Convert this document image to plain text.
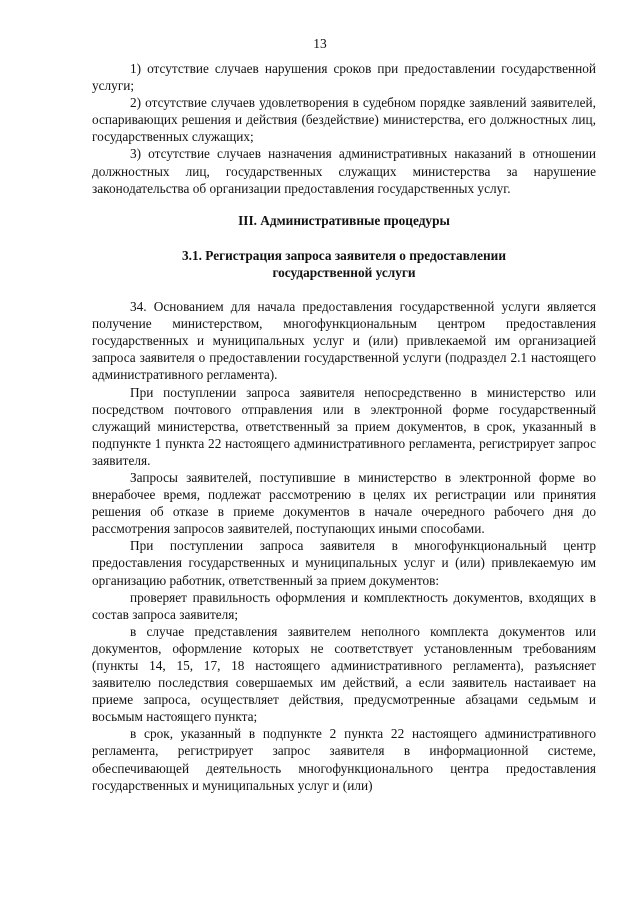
13

1) отсутствие случаев нарушения сроков при предоставлении государственной услуги;

2) отсутствие случаев удовлетворения в судебном порядке заявлений заявителей, оспаривающих решения и действия (бездействие) министерства, его должностных лиц, государственных служащих;

3) отсутствие случаев назначения административных наказаний в отношении должностных лиц, государственных служащих министерства за нарушение законодательства об организации предоставления государственных услуг.

III. Административные процедуры

3.1. Регистрация запроса заявителя о предоставлении государственной услуги

34. Основанием для начала предоставления государственной услуги является получение министерством, многофункциональным центром предоставления государственных и муниципальных услуг и (или) привлекаемой им организацией запроса заявителя о предоставлении государственной услуги (подраздел 2.1 настоящего административного регламента).

При поступлении запроса заявителя непосредственно в министерство или посредством почтового отправления или в электронной форме государственный служащий министерства, ответственный за прием документов, в срок, указанный в подпункте 1 пункта 22 настоящего административного регламента, регистрирует запрос заявителя.

Запросы заявителей, поступившие в министерство в электронной форме во внерабочее время, подлежат рассмотрению в целях их регистрации или принятия решения об отказе в приеме документов в начале очередного рабочего дня до рассмотрения запросов заявителей, поступающих иными способами.

При поступлении запроса заявителя в многофункциональный центр предоставления государственных и муниципальных услуг и (или) привлекаемую им организацию работник, ответственный за прием документов:

проверяет правильность оформления и комплектность документов, входящих в состав запроса заявителя;

в случае представления заявителем неполного комплекта документов или документов, оформление которых не соответствует установленным требованиям (пункты 14, 15, 17, 18 настоящего административного регламента), разъясняет заявителю последствия совершаемых им действий, а если заявитель настаивает на приеме запроса, осуществляет действия, предусмотренные абзацами седьмым и восьмым настоящего пункта;

в срок, указанный в подпункте 2 пункта 22 настоящего административного регламента, регистрирует запрос заявителя в информационной системе, обеспечивающей деятельность многофункционального центра предоставления государственных и муниципальных услуг и (или)
